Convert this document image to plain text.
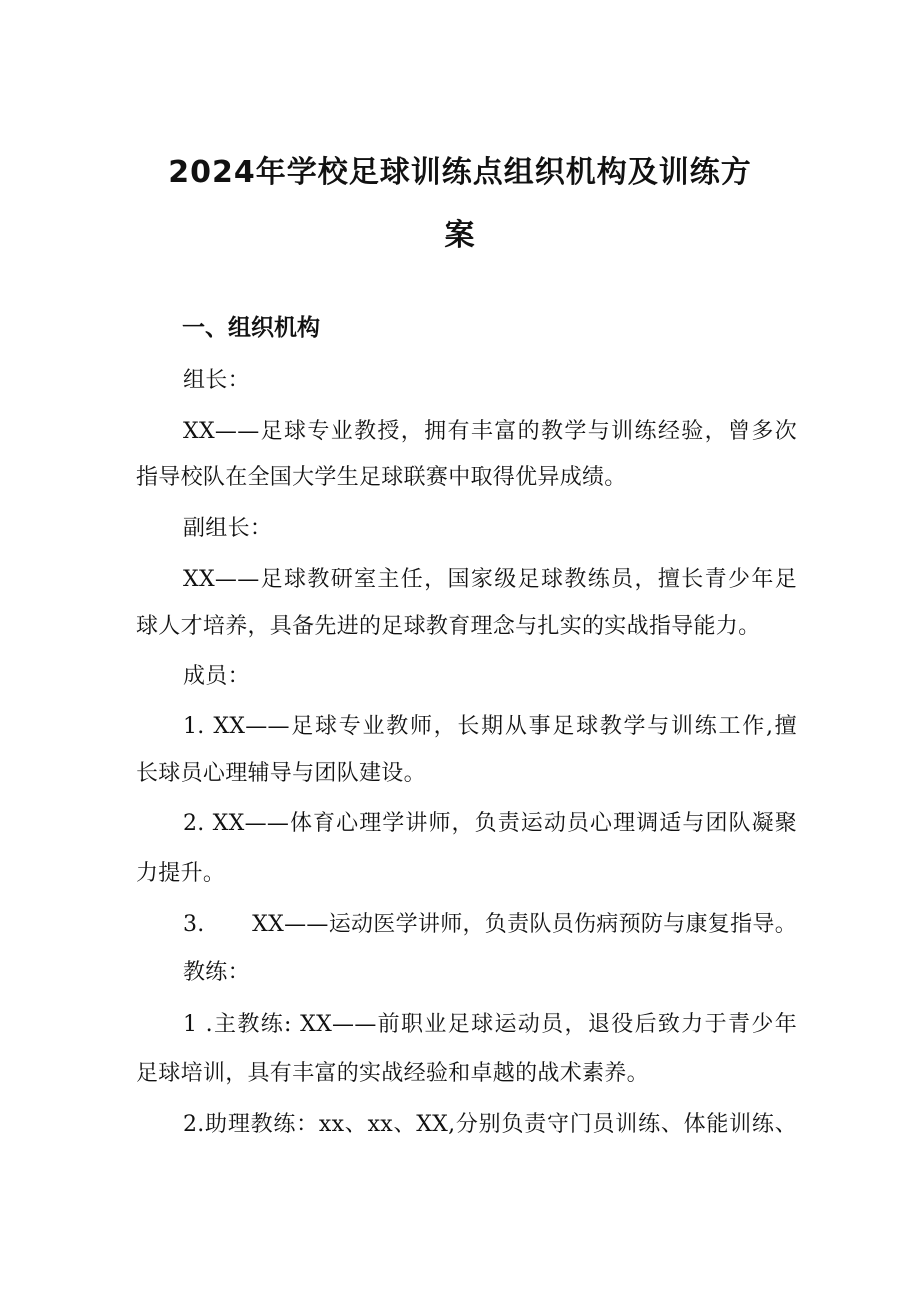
2024年学校足球训练点组织机构及训练方
案
一、组织机构
组长：
XX——足球专业教授，拥有丰富的教学与训练经验，曾多次
指导校队在全国大学生足球联赛中取得优异成绩。
副组长：
XX——足球教研室主任，国家级足球教练员，擅长青少年足
球人才培养，具备先进的足球教育理念与扎实的实战指导能力。
成员：
1. XX——足球专业教师，长期从事足球教学与训练工作,擅
长球员心理辅导与团队建设。
2. XX——体育心理学讲师，负责运动员心理调适与团队凝聚
力提升。
3. XX——运动医学讲师，负责队员伤病预防与康复指导。
教练：
1 .主教练: XX——前职业足球运动员，退役后致力于青少年
足球培训，具有丰富的实战经验和卓越的战术素养。
2.助理教练：xx、xx、XX,分别负责守门员训练、体能训练、
